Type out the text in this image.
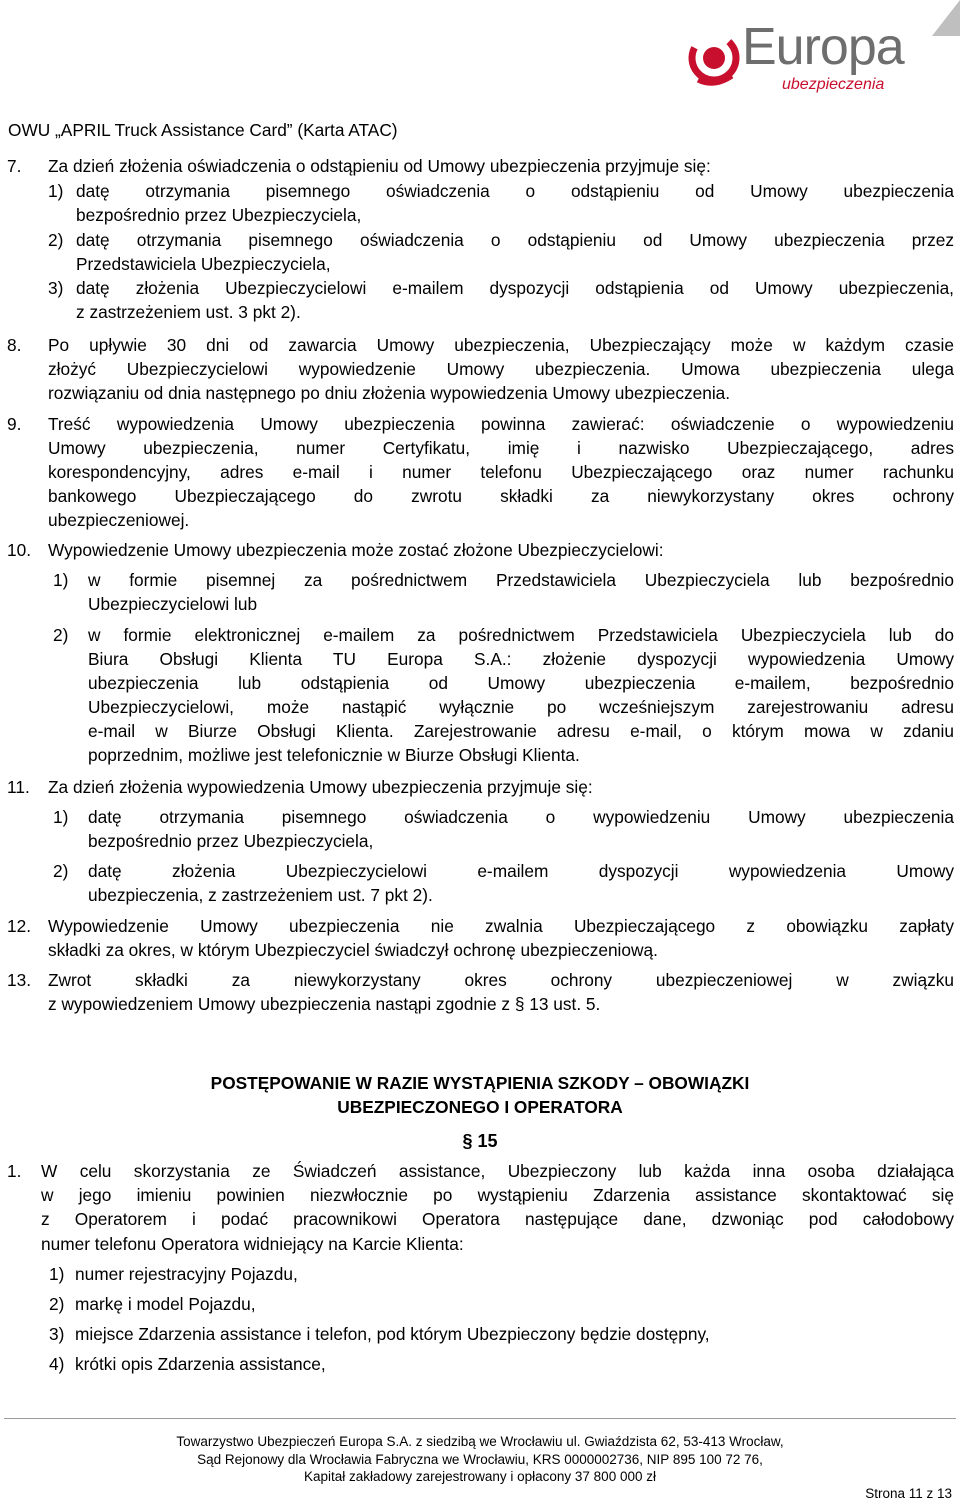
Europa
ubezpieczenia
OWU „APRIL Truck Assistance Card” (Karta ATAC)
7. Za dzień złożenia oświadczenia o odstąpieniu od Umowy ubezpieczenia przyjmuje się:
1) datę otrzymania pisemnego oświadczenia o odstąpieniu od Umowy ubezpieczenia
bezpośrednio przez Ubezpieczyciela,
2) datę otrzymania pisemnego oświadczenia o odstąpieniu od Umowy ubezpieczenia przez
Przedstawiciela Ubezpieczyciela,
3) datę złożenia Ubezpieczycielowi e-mailem dyspozycji odstąpienia od Umowy ubezpieczenia,
z zastrzeżeniem ust. 3 pkt 2).
8. Po upływie 30 dni od zawarcia Umowy ubezpieczenia, Ubezpieczający może w każdym czasie
złożyć Ubezpieczycielowi wypowiedzenie Umowy ubezpieczenia. Umowa ubezpieczenia ulega
rozwiązaniu od dnia następnego po dniu złożenia wypowiedzenia Umowy ubezpieczenia.
9. Treść wypowiedzenia Umowy ubezpieczenia powinna zawierać: oświadczenie o wypowiedzeniu
Umowy ubezpieczenia, numer Certyfikatu, imię i nazwisko Ubezpieczającego, adres
korespondencyjny, adres e-mail i numer telefonu Ubezpieczającego oraz numer rachunku
bankowego Ubezpieczającego do zwrotu składki za niewykorzystany okres ochrony
ubezpieczeniowej.
10. Wypowiedzenie Umowy ubezpieczenia może zostać złożone Ubezpieczycielowi:
1) w formie pisemnej za pośrednictwem Przedstawiciela Ubezpieczyciela lub bezpośrednio
Ubezpieczycielowi lub
2) w formie elektronicznej e-mailem za pośrednictwem Przedstawiciela Ubezpieczyciela lub do
Biura Obsługi Klienta TU Europa S.A.: złożenie dyspozycji wypowiedzenia Umowy
ubezpieczenia lub odstąpienia od Umowy ubezpieczenia e-mailem, bezpośrednio
Ubezpieczycielowi, może nastąpić wyłącznie po wcześniejszym zarejestrowaniu adresu
e-mail w Biurze Obsługi Klienta. Zarejestrowanie adresu e-mail, o którym mowa w zdaniu
poprzednim, możliwe jest telefonicznie w Biurze Obsługi Klienta.
11. Za dzień złożenia wypowiedzenia Umowy ubezpieczenia przyjmuje się:
1) datę otrzymania pisemnego oświadczenia o wypowiedzeniu Umowy ubezpieczenia
bezpośrednio przez Ubezpieczyciela,
2) datę złożenia Ubezpieczycielowi e-mailem dyspozycji wypowiedzenia Umowy
ubezpieczenia, z zastrzeżeniem ust. 7 pkt 2).
12. Wypowiedzenie Umowy ubezpieczenia nie zwalnia Ubezpieczającego z obowiązku zapłaty
składki za okres, w którym Ubezpieczyciel świadczył ochronę ubezpieczeniową.
13. Zwrot składki za niewykorzystany okres ochrony ubezpieczeniowej w związku
z wypowiedzeniem Umowy ubezpieczenia nastąpi zgodnie z § 13 ust. 5.
POSTĘPOWANIE W RAZIE WYSTĄPIENIA SZKODY – OBOWIĄZKI
UBEZPIECZONEGO I OPERATORA
§ 15
1. W celu skorzystania ze Świadczeń assistance, Ubezpieczony lub każda inna osoba działająca
w jego imieniu powinien niezwłocznie po wystąpieniu Zdarzenia assistance skontaktować się
z Operatorem i podać pracownikowi Operatora następujące dane, dzwoniąc pod całodobowy
numer telefonu Operatora widniejący na Karcie Klienta:
1) numer rejestracyjny Pojazdu,
2) markę i model Pojazdu,
3) miejsce Zdarzenia assistance i telefon, pod którym Ubezpieczony będzie dostępny,
4) krótki opis Zdarzenia assistance,
Towarzystwo Ubezpieczeń Europa S.A. z siedzibą we Wrocławiu ul. Gwiaździsta 62, 53-413 Wrocław,
Sąd Rejonowy dla Wrocławia Fabryczna we Wrocławiu, KRS 0000002736, NIP 895 100 72 76,
Kapitał zakładowy zarejestrowany i opłacony 37 800 000 zł
Strona 11 z 13
